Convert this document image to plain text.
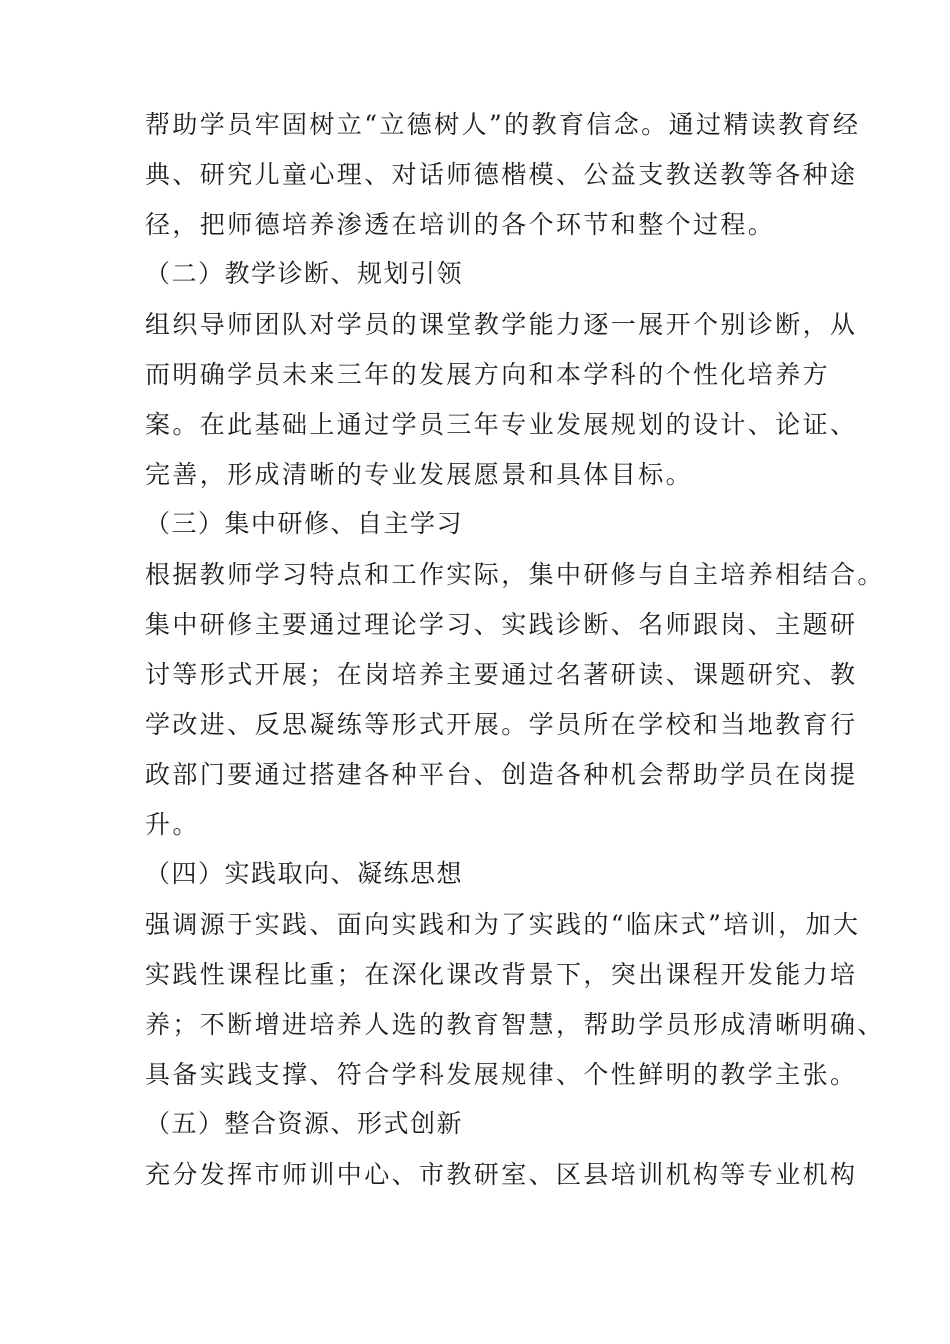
帮助学员牢固树立“立德树人”的教育信念。通过精读教育经
典、研究儿童心理、对话师德楷模、公益支教送教等各种途
径，把师德培养渗透在培训的各个环节和整个过程。
（二）教学诊断、规划引领
组织导师团队对学员的课堂教学能力逐一展开个别诊断，从
而明确学员未来三年的发展方向和本学科的个性化培养方
案。在此基础上通过学员三年专业发展规划的设计、论证、
完善，形成清晰的专业发展愿景和具体目标。
（三）集中研修、自主学习
根据教师学习特点和工作实际，集中研修与自主培养相结合。
集中研修主要通过理论学习、实践诊断、名师跟岗、主题研
讨等形式开展；在岗培养主要通过名著研读、课题研究、教
学改进、反思凝练等形式开展。学员所在学校和当地教育行
政部门要通过搭建各种平台、创造各种机会帮助学员在岗提
升。
（四）实践取向、凝练思想
强调源于实践、面向实践和为了实践的“临床式”培训，加大
实践性课程比重；在深化课改背景下，突出课程开发能力培
养；不断增进培养人选的教育智慧，帮助学员形成清晰明确、
具备实践支撑、符合学科发展规律、个性鲜明的教学主张。
（五）整合资源、形式创新
充分发挥市师训中心、市教研室、区县培训机构等专业机构
